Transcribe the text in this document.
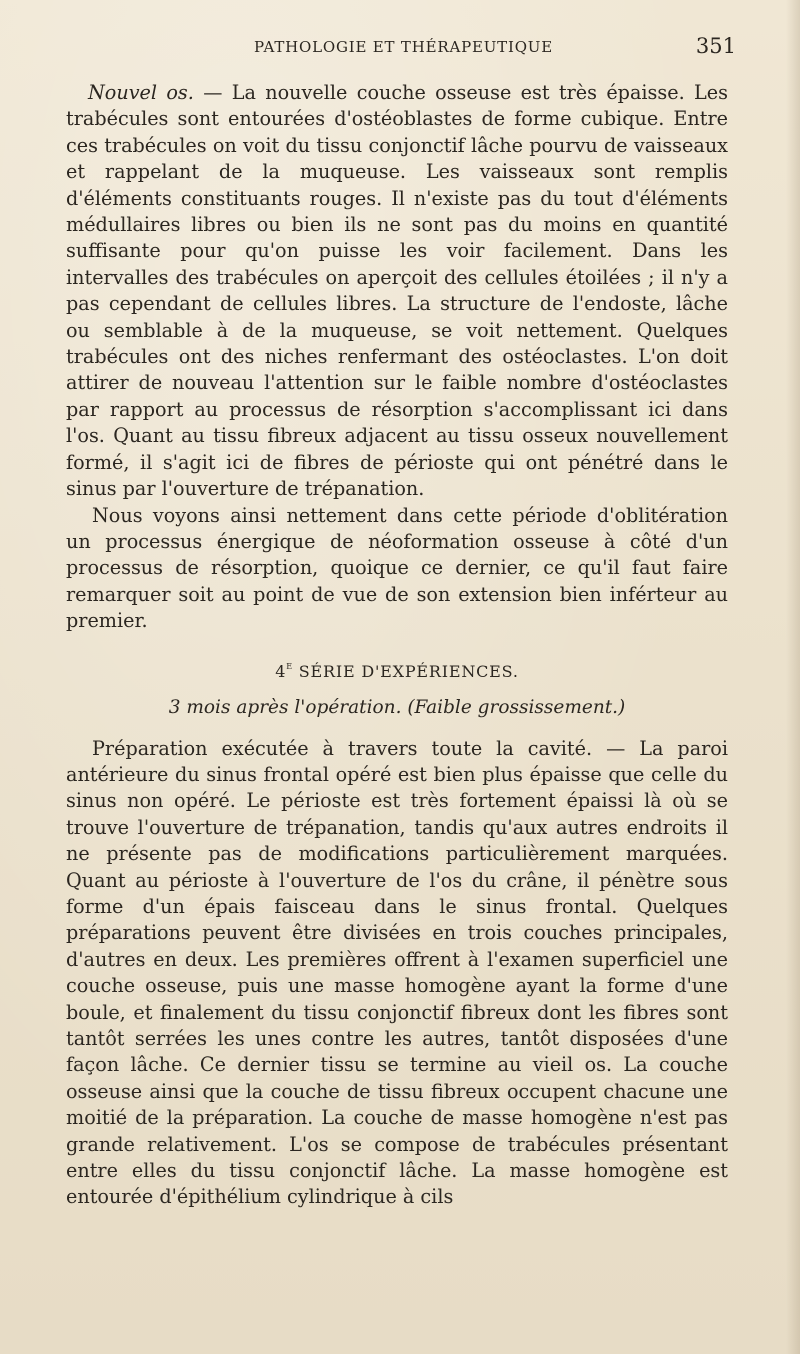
PATHOLOGIE ET THÉRAPEUTIQUE	351

Nouvel os. — La nouvelle couche osseuse est très épaisse. Les trabécules sont entourées d'ostéoblastes de forme cubique. Entre ces trabécules on voit du tissu conjonctif lâche pourvu de vaisseaux et rappelant de la muqueuse. Les vaisseaux sont remplis d'éléments constituants rouges. Il n'existe pas du tout d'éléments médullaires libres ou bien ils ne sont pas du moins en quantité suffisante pour qu'on puisse les voir facilement. Dans les intervalles des trabécules on aperçoit des cellules étoilées ; il n'y a pas cependant de cellules libres. La structure de l'endoste, lâche ou semblable à de la muqueuse, se voit nettement. Quelques trabécules ont des niches renfermant des ostéoclastes. L'on doit attirer de nouveau l'attention sur le faible nombre d'ostéoclastes par rapport au processus de résorption s'accomplissant ici dans l'os. Quant au tissu fibreux adjacent au tissu osseux nouvellement formé, il s'agit ici de fibres de périoste qui ont pénétré dans le sinus par l'ouverture de trépanation.

Nous voyons ainsi nettement dans cette période d'oblitération un processus énergique de néoformation osseuse à côté d'un processus de résorption, quoique ce dernier, ce qu'il faut faire remarquer soit au point de vue de son extension bien inférteur au premier.

4e SÉRIE D'EXPÉRIENCES.
3 mois après l'opération. (Faible grossissement.)

Préparation exécutée à travers toute la cavité. — La paroi antérieure du sinus frontal opéré est bien plus épaisse que celle du sinus non opéré. Le périoste est très fortement épaissi là où se trouve l'ouverture de trépanation, tandis qu'aux autres endroits il ne présente pas de modifications particulièrement marquées. Quant au périoste à l'ouverture de l'os du crâne, il pénètre sous forme d'un épais faisceau dans le sinus frontal. Quelques préparations peuvent être divisées en trois couches principales, d'autres en deux. Les premières offrent à l'examen superficiel une couche osseuse, puis une masse homogène ayant la forme d'une boule, et finalement du tissu conjonctif fibreux dont les fibres sont tantôt serrées les unes contre les autres, tantôt disposées d'une façon lâche. Ce dernier tissu se termine au vieil os. La couche osseuse ainsi que la couche de tissu fibreux occupent chacune une moitié de la préparation. La couche de masse homogène n'est pas grande relativement. L'os se compose de trabécules présentant entre elles du tissu conjonctif lâche. La masse homogène est entourée d'épithélium cylindrique à cils
